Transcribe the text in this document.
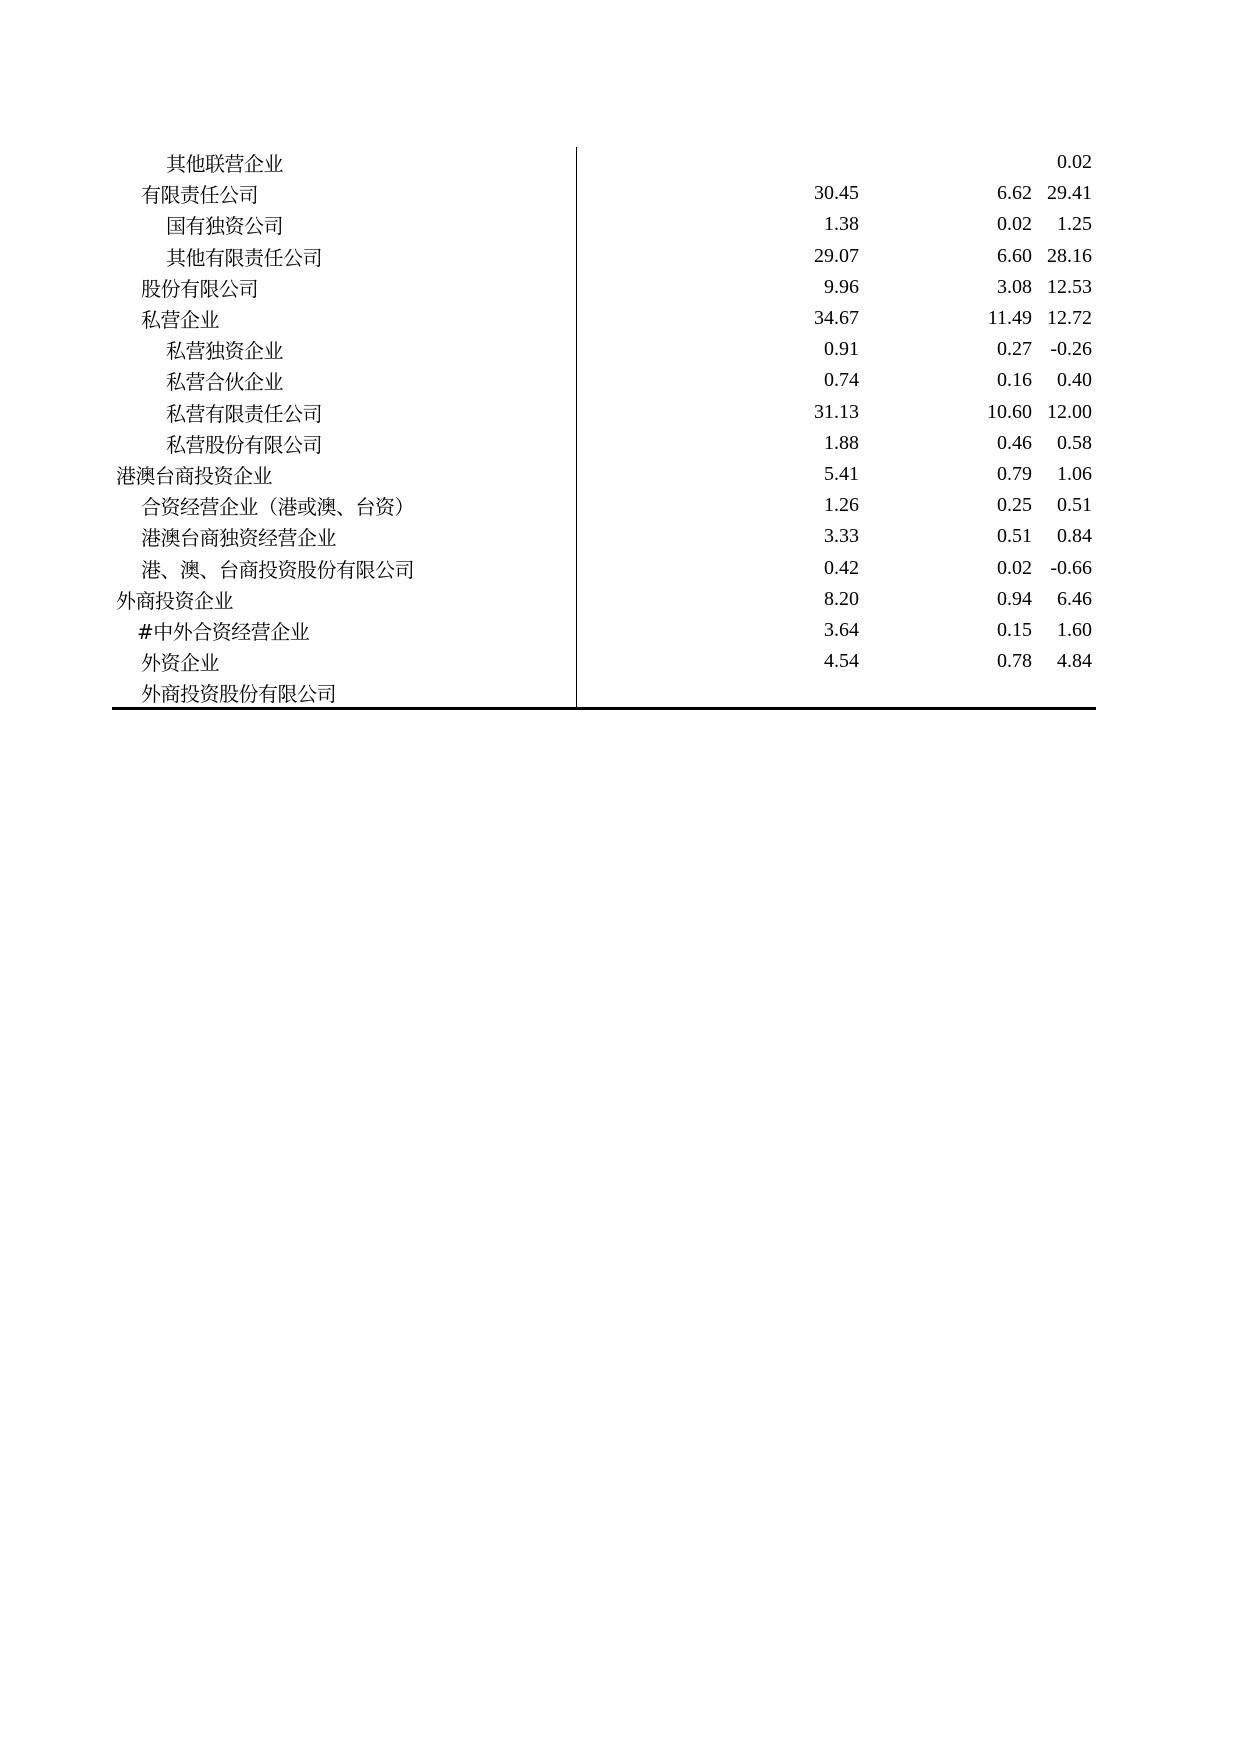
其他联营企业			0.02
有限责任公司	30.45	6.62	29.41
国有独资公司	1.38	0.02	1.25
其他有限责任公司	29.07	6.60	28.16
股份有限公司	9.96	3.08	12.53
私营企业	34.67	11.49	12.72
私营独资企业	0.91	0.27	-0.26
私营合伙企业	0.74	0.16	0.40
私营有限责任公司	31.13	10.60	12.00
私营股份有限公司	1.88	0.46	0.58
港澳台商投资企业	5.41	0.79	1.06
合资经营企业（港或澳、台资）	1.26	0.25	0.51
港澳台商独资经营企业	3.33	0.51	0.84
港、澳、台商投资股份有限公司	0.42	0.02	-0.66
外商投资企业	8.20	0.94	6.46
#中外合资经营企业	3.64	0.15	1.60
外资企业	4.54	0.78	4.84
外商投资股份有限公司			
